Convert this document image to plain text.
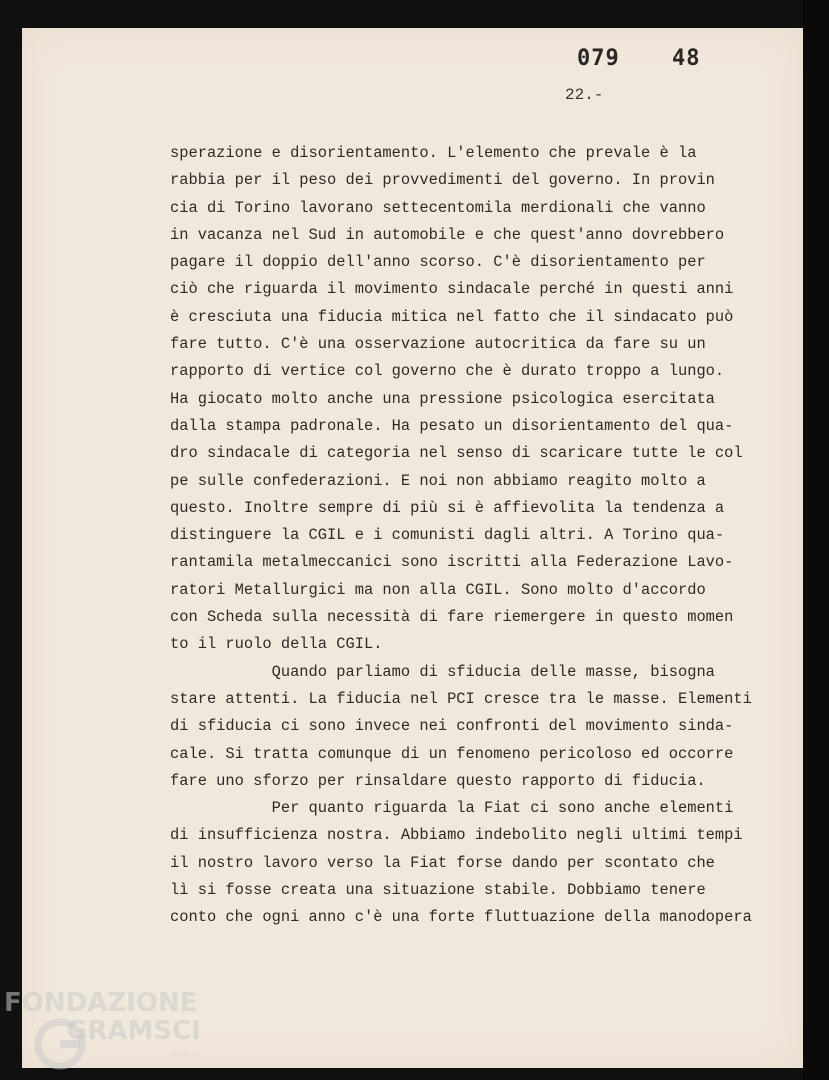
079 48
22.-
sperazione e disorientamento. L'elemento che prevale è la
rabbia per il peso dei provvedimenti del governo. In provin
cia di Torino lavorano settecentomila merdionali che vanno
in vacanza nel Sud in automobile e che quest'anno dovrebbero
pagare il doppio dell'anno scorso. C'è disorientamento per
ciò che riguarda il movimento sindacale perché in questi anni
è cresciuta una fiducia mitica nel fatto che il sindacato può
fare tutto. C'è una osservazione autocritica da fare su un
rapporto di vertice col governo che è durato troppo a lungo.
Ha giocato molto anche una pressione psicologica esercitata
dalla stampa padronale. Ha pesato un disorientamento del qua-
dro sindacale di categoria nel senso di scaricare tutte le col
pe sulle confederazioni. E noi non abbiamo reagito molto a
questo. Inoltre sempre di più si è affievolita la tendenza a
distinguere la CGIL e i comunisti dagli altri. A Torino qua-
rantamila metalmeccanici sono iscritti alla Federazione Lavo-
ratori Metallurgici ma non alla CGIL. Sono molto d'accordo
con Scheda sulla necessità di fare riemergere in questo momen
to il ruolo della CGIL.
Quando parliamo di sfiducia delle masse, bisogna
stare attenti. La fiducia nel PCI cresce tra le masse. Elementi
di sfiducia ci sono invece nei confronti del movimento sinda-
cale. Si tratta comunque di un fenomeno pericoloso ed occorre
fare uno sforzo per rinsaldare questo rapporto di fiducia.
Per quanto riguarda la Fiat ci sono anche elementi
di insufficienza nostra. Abbiamo indebolito negli ultimi tempi
il nostro lavoro verso la Fiat forse dando per scontato che
lì si fosse creata una situazione stabile. Dobbiamo tenere
conto che ogni anno c'è una forte fluttuazione della manodopera
FONDAZIONE
GRAMSCI
onlus
